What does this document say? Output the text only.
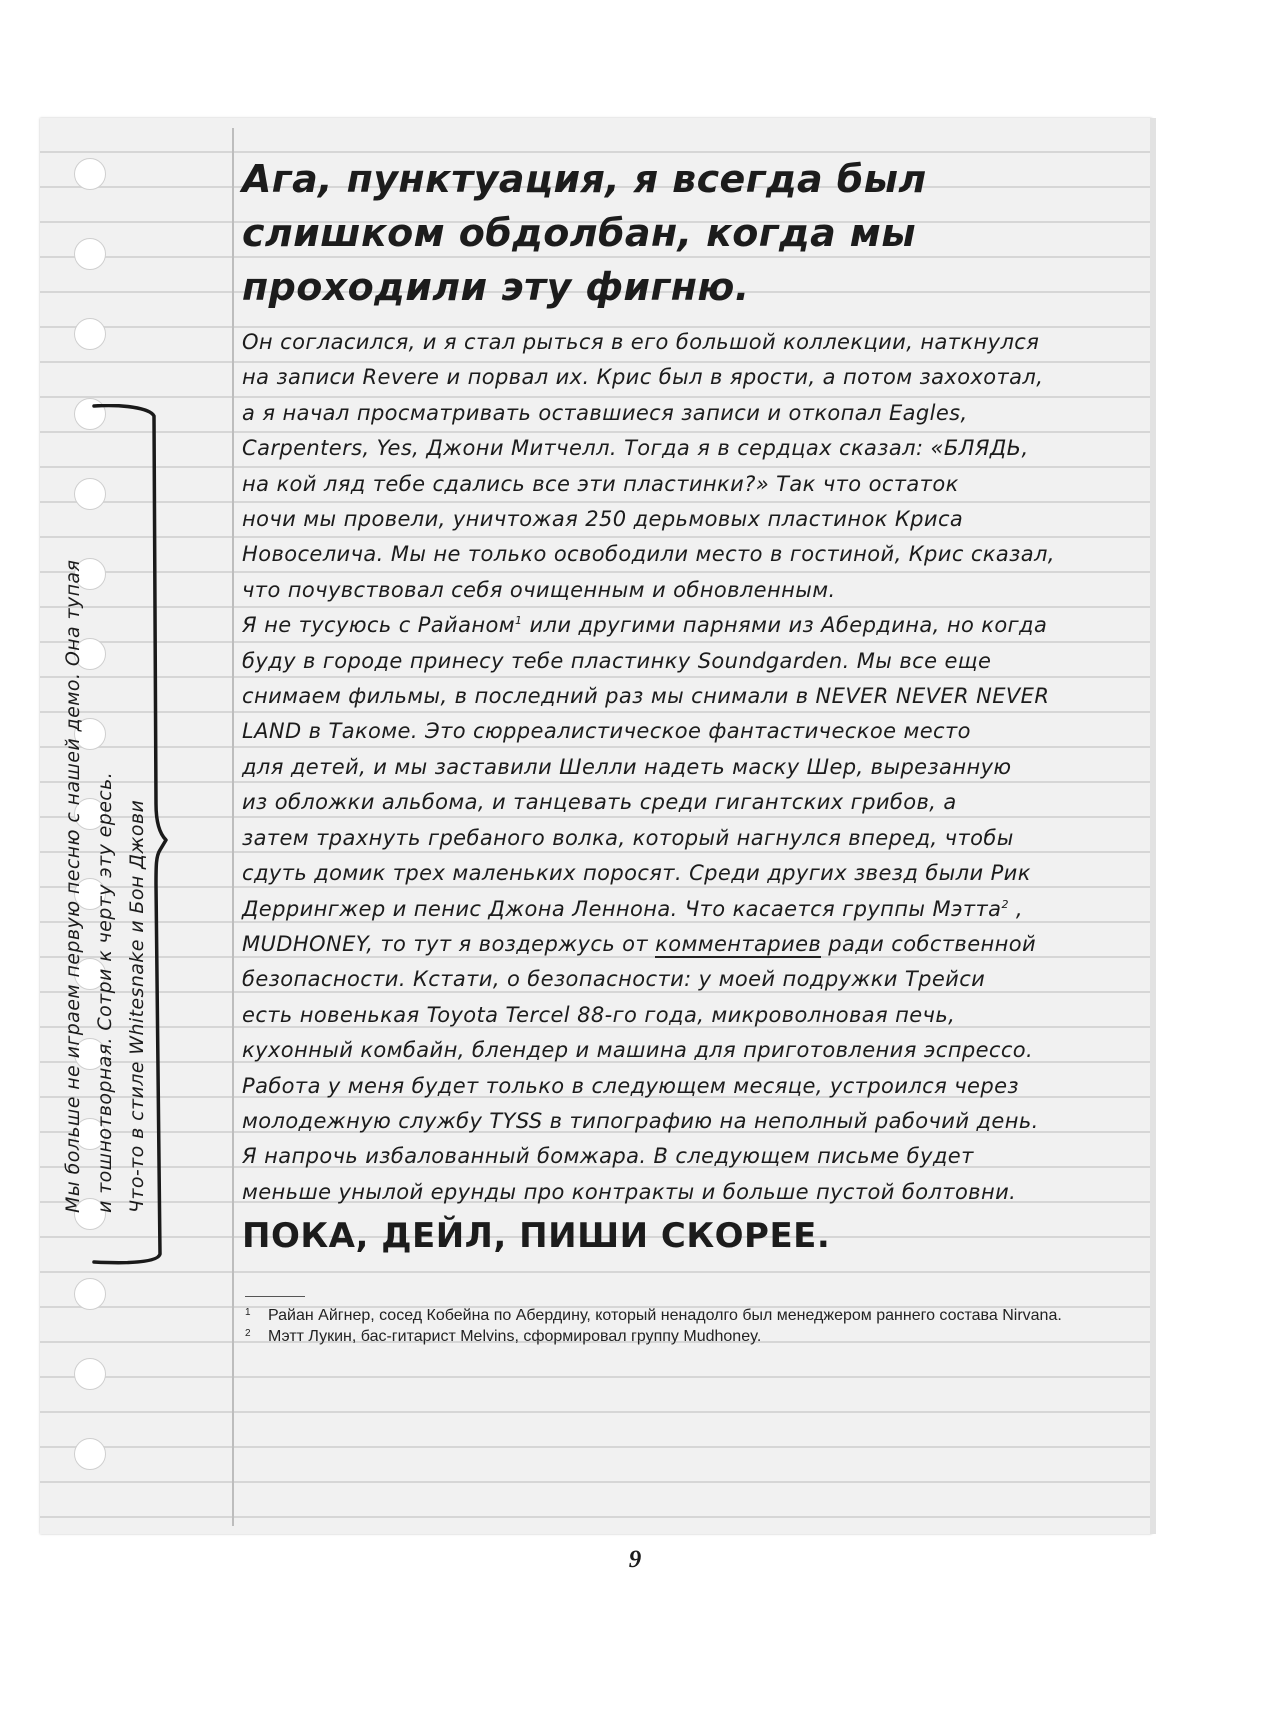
Ага, пунктуация, я всегда был
слишком обдолбан, когда мы
проходили эту фигню.
Он согласился, и я стал рыться в его большой коллекции, наткнулся
на записи Revere и порвал их. Крис был в ярости, а потом захохотал,
а я начал просматривать оставшиеся записи и откопал Eagles,
Carpenters, Yes, Джони Митчелл. Тогда я в сердцах сказал: «БЛЯДЬ,
на кой ляд тебе сдались все эти пластинки?» Так что остаток
ночи мы провели, уничтожая 250 дерьмовых пластинок Криса
Новоселича. Мы не только освободили место в гостиной, Крис сказал,
что почувствовал себя очищенным и обновленным.
Я не тусуюсь с Райаном$^1$ или другими парнями из Абердина, но когда
буду в городе принесу тебе пластинку Soundgarden. Мы все еще
снимаем фильмы, в последний раз мы снимали в NEVER NEVER NEVER
LAND в Такоме. Это сюрреалистическое фантастическое место
для детей, и мы заставили Шелли надеть маску Шер, вырезанную
из обложки альбома, и танцевать среди гигантских грибов, а
затем трахнуть гребаного волка, который нагнулся вперед, чтобы
сдуть домик трех маленьких поросят. Среди других звезд были Рик
Деррингжер и пенис Джона Леннона. Что касается группы Мэтта$^2$ ,
MUDHONEY, то тут я воздержусь от комментариев ради собственной
безопасности. Кстати, о безопасности: у моей подружки Трейси
есть новенькая Toyota Tercel 88-го года, микроволновая печь,
кухонный комбайн, блендер и машина для приготовления эспрессо.
Работа у меня будет только в следующем месяце, устроился через
молодежную службу TYSS в типографию на неполный рабочий день.
Я напрочь избалованный бомжара. В следующем письме будет
меньше унылой ерунды про контракты и больше пустой болтовни.
ПОКА, ДЕЙЛ, ПИШИ СКОРЕЕ.
1 Райан Айгнер, сосед Кобейна по Абердину, который ненадолго был менеджером раннего состава Nirvana.
2 Мэтт Лукин, бас-гитарист Melvins, сформировал группу Mudhoney.
Мы больше не играем первую песню с нашей демо. Она тупая и тошнотворная. Сотри к черту эту ересь. Что-то в стиле Whitesnake и Бон Джови
9
